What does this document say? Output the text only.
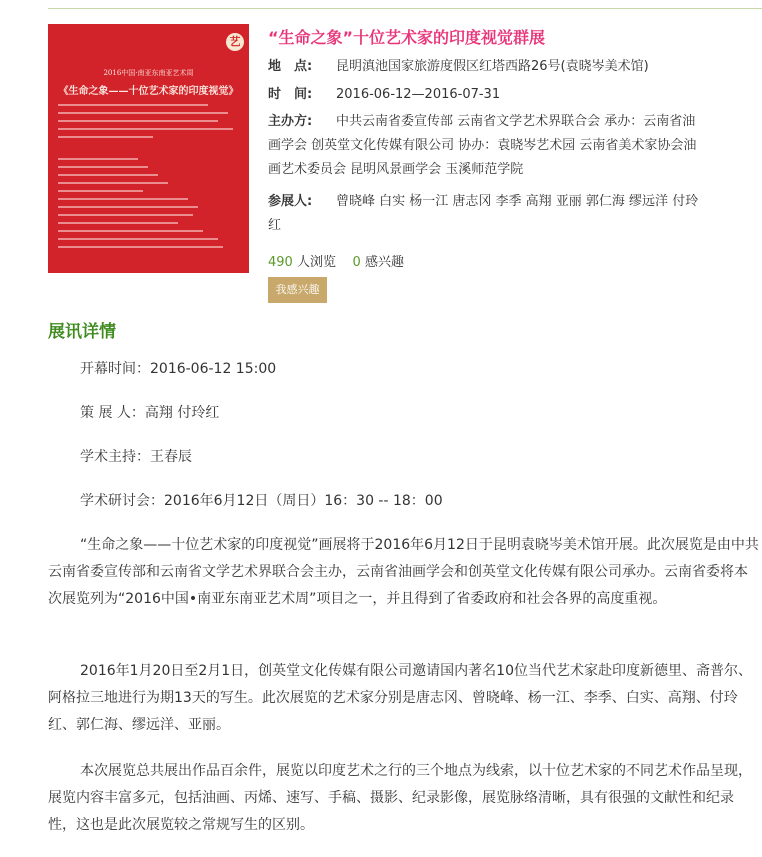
艺
2016中国·南亚东南亚艺术周
《生命之象——十位艺术家的印度视觉》
“生命之象”十位艺术家的印度视觉群展
地　点: 昆明滇池国家旅游度假区红塔西路26号(袁晓岑美术馆)
时　间: 2016-06-12—2016-07-31
主办方:	中共云南省委宣传部 云南省文学艺术界联合会 承办：云南省油画学会 创英堂文化传媒有限公司 协办：袁晓岑艺术园 云南省美术家协会油画艺术委员会 昆明风景画学会 玉溪师范学院
参展人:	曾晓峰 白实 杨一江 唐志冈 李季 高翔 亚丽 郭仁海 缪远洋 付玲红
490 人浏览 0 感兴趣
我感兴趣
展讯详情
开幕时间：2016-06-12 15:00
策 展 人：高翔 付玲红
学术主持：王春辰
学术研讨会：2016年6月12日（周日）16：30 -- 18：00
“生命之象——十位艺术家的印度视觉”画展将于2016年6月12日于昆明袁晓岑美术馆开展。此次展览是由中共云南省委宣传部和云南省文学艺术界联合会主办，云南省油画学会和创英堂文化传媒有限公司承办。云南省委将本次展览列为“2016中国•南亚东南亚艺术周”项目之一，并且得到了省委政府和社会各界的高度重视。
2016年1月20日至2月1日，创英堂文化传媒有限公司邀请国内著名10位当代艺术家赴印度新德里、斋普尔、阿格拉三地进行为期13天的写生。此次展览的艺术家分别是唐志冈、曾晓峰、杨一江、李季、白实、高翔、付玲红、郭仁海、缪远洋、亚丽。
本次展览总共展出作品百余件，展览以印度艺术之行的三个地点为线索，以十位艺术家的不同艺术作品呈现，展览内容丰富多元，包括油画、丙烯、速写、手稿、摄影、纪录影像，展览脉络清晰，具有很强的文献性和纪录性，这也是此次展览较之常规写生的区别。
